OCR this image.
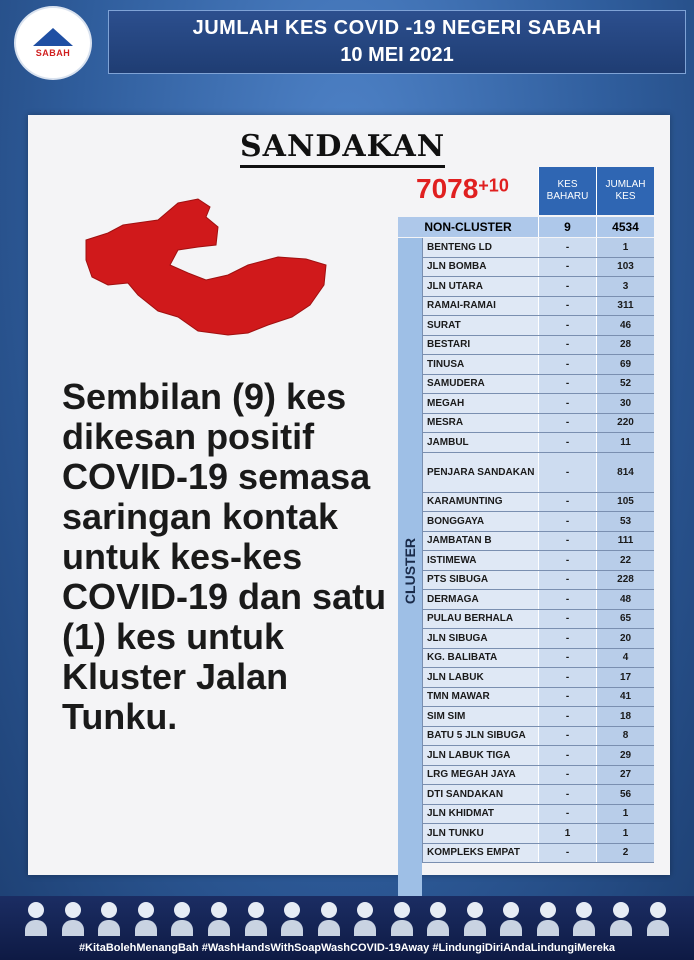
SABAH
JUMLAH KES COVID -19 NEGERI SABAH
10 MEI 2021
SANDAKAN
7078+10
Sembilan (9) kes dikesan positif COVID-19 semasa saringan kontak untuk kes-kes COVID-19 dan satu (1) kes untuk Kluster Jalan Tunku.
KES BAHARU
JUMLAH KES
NON-CLUSTER	9	4534
CLUSTER
BENTENG LD	-	1
JLN BOMBA	-	103
JLN UTARA	-	3
RAMAI-RAMAI	-	311
SURAT	-	46
BESTARI	-	28
TINUSA	-	69
SAMUDERA	-	52
MEGAH	-	30
MESRA	-	220
JAMBUL	-	11
PENJARA SANDAKAN	-	814
KARAMUNTING	-	105
BONGGAYA	-	53
JAMBATAN B	-	111
ISTIMEWA	-	22
PTS SIBUGA	-	228
DERMAGA	-	48
PULAU BERHALA	-	65
JLN SIBUGA	-	20
KG. BALIBATA	-	4
JLN LABUK	-	17
TMN MAWAR	-	41
SIM SIM	-	18
BATU 5 JLN SIBUGA	-	8
JLN LABUK TIGA	-	29
LRG MEGAH JAYA	-	27
DTI SANDAKAN	-	56
JLN KHIDMAT	-	1
JLN TUNKU	1	1
KOMPLEKS EMPAT	-	2
#KitaBolehMenangBah #WashHandsWithSoapWashCOVID-19Away #LindungiDiriAndaLindungiMereka
